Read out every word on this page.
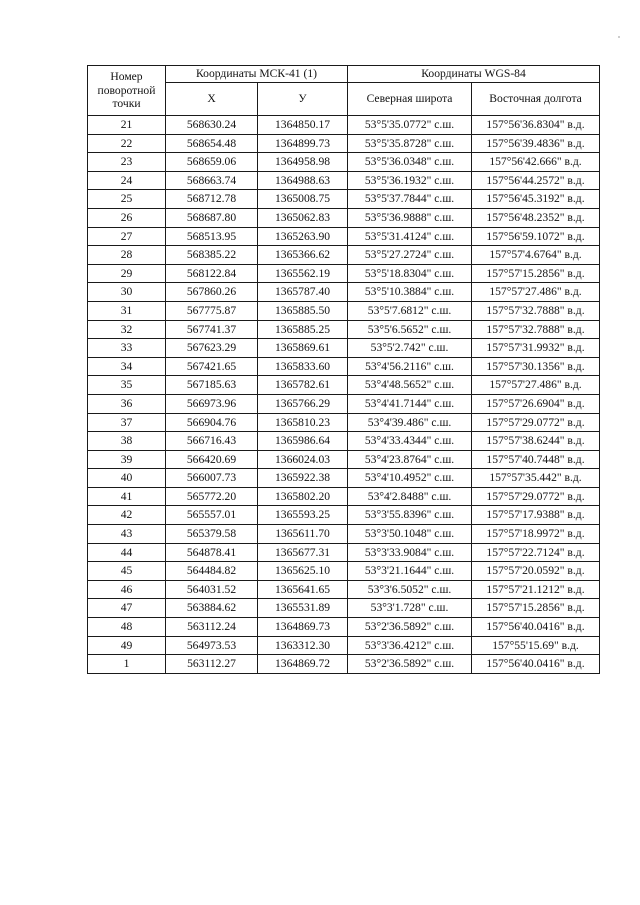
Номер поворотной точки	Координаты МСК-41 (1)		Координаты WGS-84	
	X	У	Северная широта	Восточная долгота
21	568630.24	1364850.17	53°5'35.0772" с.ш.	157°56'36.8304" в.д.
22	568654.48	1364899.73	53°5'35.8728" с.ш.	157°56'39.4836" в.д.
23	568659.06	1364958.98	53°5'36.0348" с.ш.	157°56'42.666" в.д.
24	568663.74	1364988.63	53°5'36.1932" с.ш.	157°56'44.2572" в.д.
25	568712.78	1365008.75	53°5'37.7844" с.ш.	157°56'45.3192" в.д.
26	568687.80	1365062.83	53°5'36.9888" с.ш.	157°56'48.2352" в.д.
27	568513.95	1365263.90	53°5'31.4124" с.ш.	157°56'59.1072" в.д.
28	568385.22	1365366.62	53°5'27.2724" с.ш.	157°57'4.6764" в.д.
29	568122.84	1365562.19	53°5'18.8304" с.ш.	157°57'15.2856" в.д.
30	567860.26	1365787.40	53°5'10.3884" с.ш.	157°57'27.486" в.д.
31	567775.87	1365885.50	53°5'7.6812" с.ш.	157°57'32.7888" в.д.
32	567741.37	1365885.25	53°5'6.5652" с.ш.	157°57'32.7888" в.д.
33	567623.29	1365869.61	53°5'2.742" с.ш.	157°57'31.9932" в.д.
34	567421.65	1365833.60	53°4'56.2116" с.ш.	157°57'30.1356" в.д.
35	567185.63	1365782.61	53°4'48.5652" с.ш.	157°57'27.486" в.д.
36	566973.96	1365766.29	53°4'41.7144" с.ш.	157°57'26.6904" в.д.
37	566904.76	1365810.23	53°4'39.486" с.ш.	157°57'29.0772" в.д.
38	566716.43	1365986.64	53°4'33.4344" с.ш.	157°57'38.6244" в.д.
39	566420.69	1366024.03	53°4'23.8764" с.ш.	157°57'40.7448" в.д.
40	566007.73	1365922.38	53°4'10.4952" с.ш.	157°57'35.442" в.д.
41	565772.20	1365802.20	53°4'2.8488" с.ш.	157°57'29.0772" в.д.
42	565557.01	1365593.25	53°3'55.8396" с.ш.	157°57'17.9388" в.д.
43	565379.58	1365611.70	53°3'50.1048" с.ш.	157°57'18.9972" в.д.
44	564878.41	1365677.31	53°3'33.9084" с.ш.	157°57'22.7124" в.д.
45	564484.82	1365625.10	53°3'21.1644" с.ш.	157°57'20.0592" в.д.
46	564031.52	1365641.65	53°3'6.5052" с.ш.	157°57'21.1212" в.д.
47	563884.62	1365531.89	53°3'1.728" с.ш.	157°57'15.2856" в.д.
48	563112.24	1364869.73	53°2'36.5892" с.ш.	157°56'40.0416" в.д.
49	564973.53	1363312.30	53°3'36.4212" с.ш.	157°55'15.69" в.д.
1	563112.27	1364869.72	53°2'36.5892" с.ш.	157°56'40.0416" в.д.
